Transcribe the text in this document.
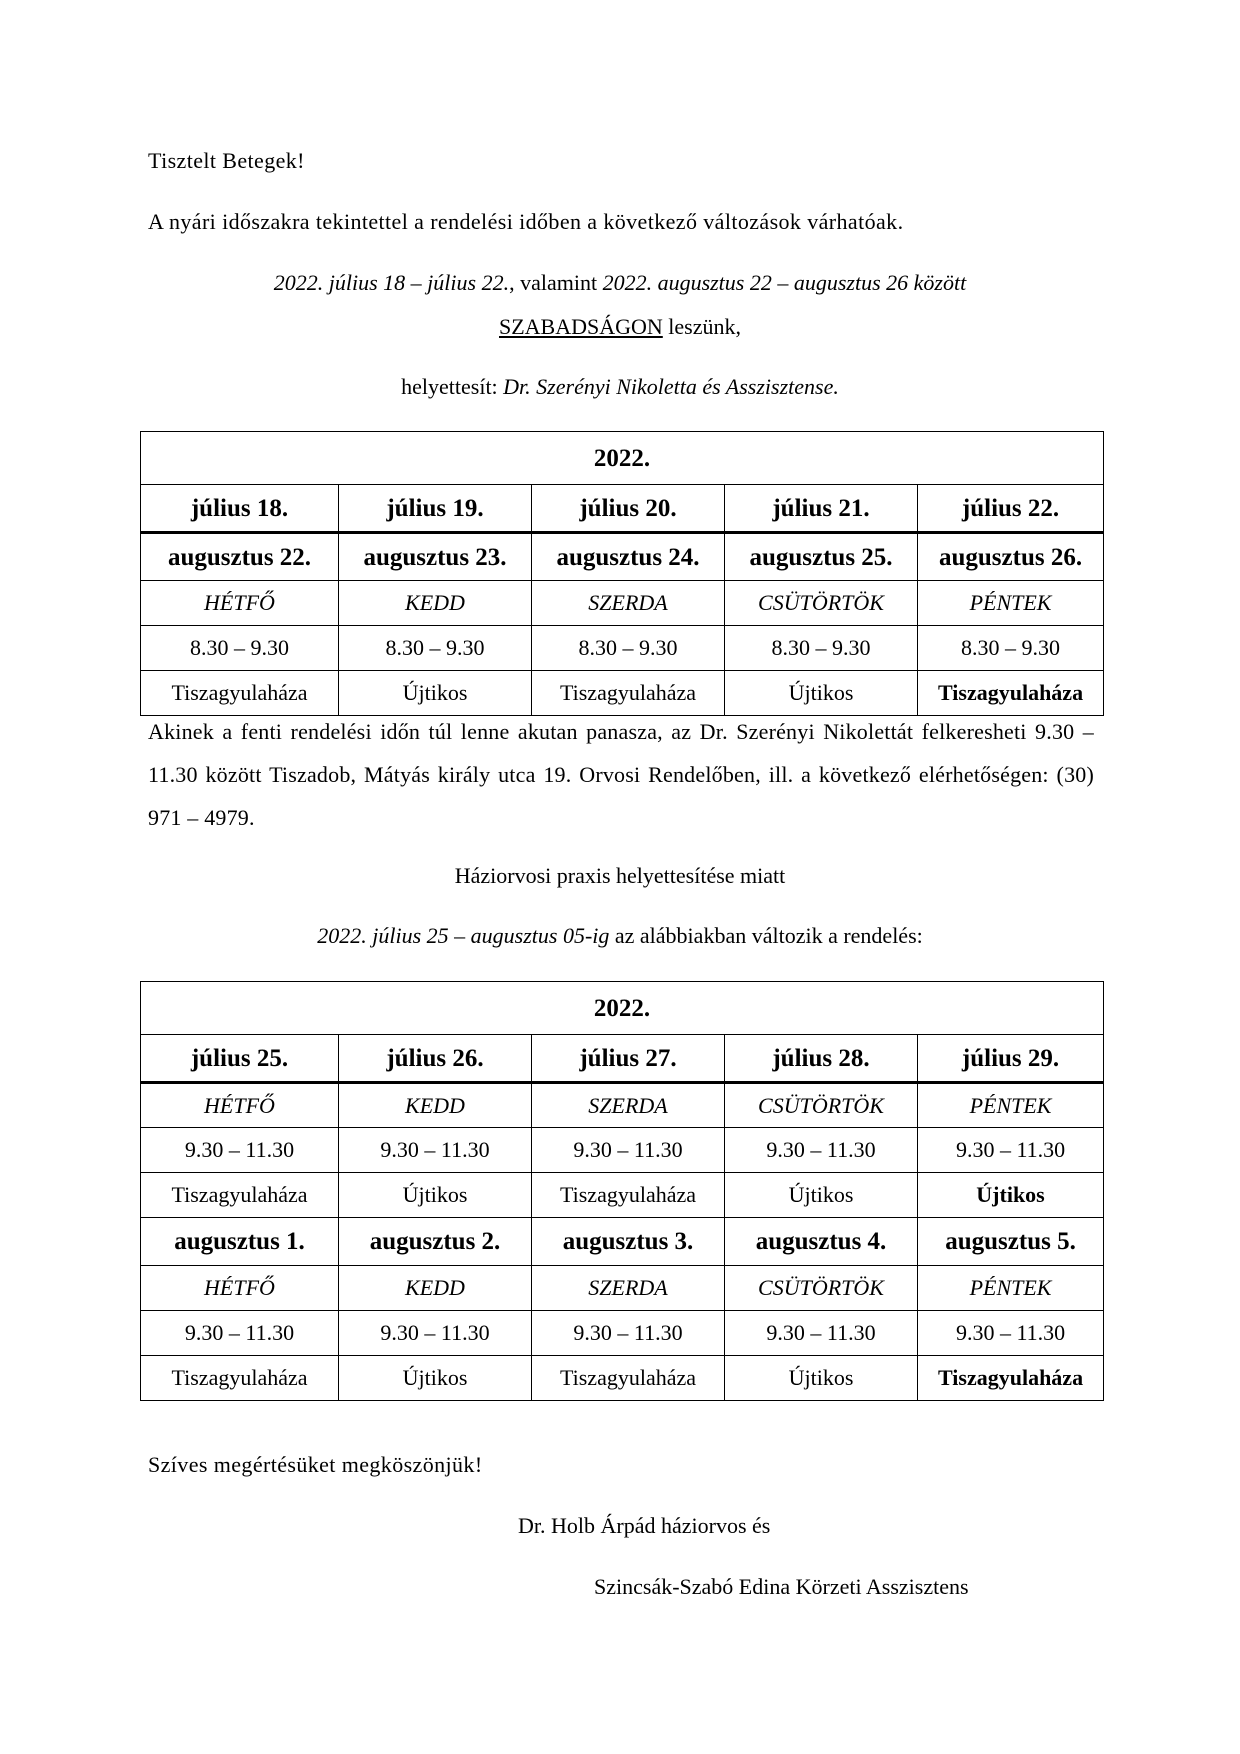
Tisztelt Betegek!
A nyári időszakra tekintettel a rendelési időben a következő változások várhatóak.
2022. július 18 – július 22., valamint 2022. augusztus 22 – augusztus 26 között
SZABADSÁGON leszünk,
helyettesít: Dr. Szerényi Nikoletta és Asszisztense.
2022.				
július 18.	július 19.	július 20.	július 21.	július 22.
augusztus 22.	augusztus 23.	augusztus 24.	augusztus 25.	augusztus 26.
HÉTFŐ	KEDD	SZERDA	CSÜTÖRTÖK	PÉNTEK
8.30 – 9.30	8.30 – 9.30	8.30 – 9.30	8.30 – 9.30	8.30 – 9.30
Tiszagyulaháza	Újtikos	Tiszagyulaháza	Újtikos	Tiszagyulaháza
Akinek a fenti rendelési időn túl lenne akutan panasza, az Dr. Szerényi Nikolettát felkeresheti 9.30 – 11.30 között Tiszadob, Mátyás király utca 19. Orvosi Rendelőben, ill. a következő elérhetőségen: (30) 971 – 4979.
Háziorvosi praxis helyettesítése miatt
2022. július 25 – augusztus 05-ig az alábbiakban változik a rendelés:
2022.				
július 25.	július 26.	július 27.	július 28.	július 29.
HÉTFŐ	KEDD	SZERDA	CSÜTÖRTÖK	PÉNTEK
9.30 – 11.30	9.30 – 11.30	9.30 – 11.30	9.30 – 11.30	9.30 – 11.30
Tiszagyulaháza	Újtikos	Tiszagyulaháza	Újtikos	Újtikos
augusztus 1.	augusztus 2.	augusztus 3.	augusztus 4.	augusztus 5.
HÉTFŐ	KEDD	SZERDA	CSÜTÖRTÖK	PÉNTEK
9.30 – 11.30	9.30 – 11.30	9.30 – 11.30	9.30 – 11.30	9.30 – 11.30
Tiszagyulaháza	Újtikos	Tiszagyulaháza	Újtikos	Tiszagyulaháza
Szíves megértésüket megköszönjük!
Dr. Holb Árpád háziorvos és
Szincsák-Szabó Edina Körzeti Asszisztens
